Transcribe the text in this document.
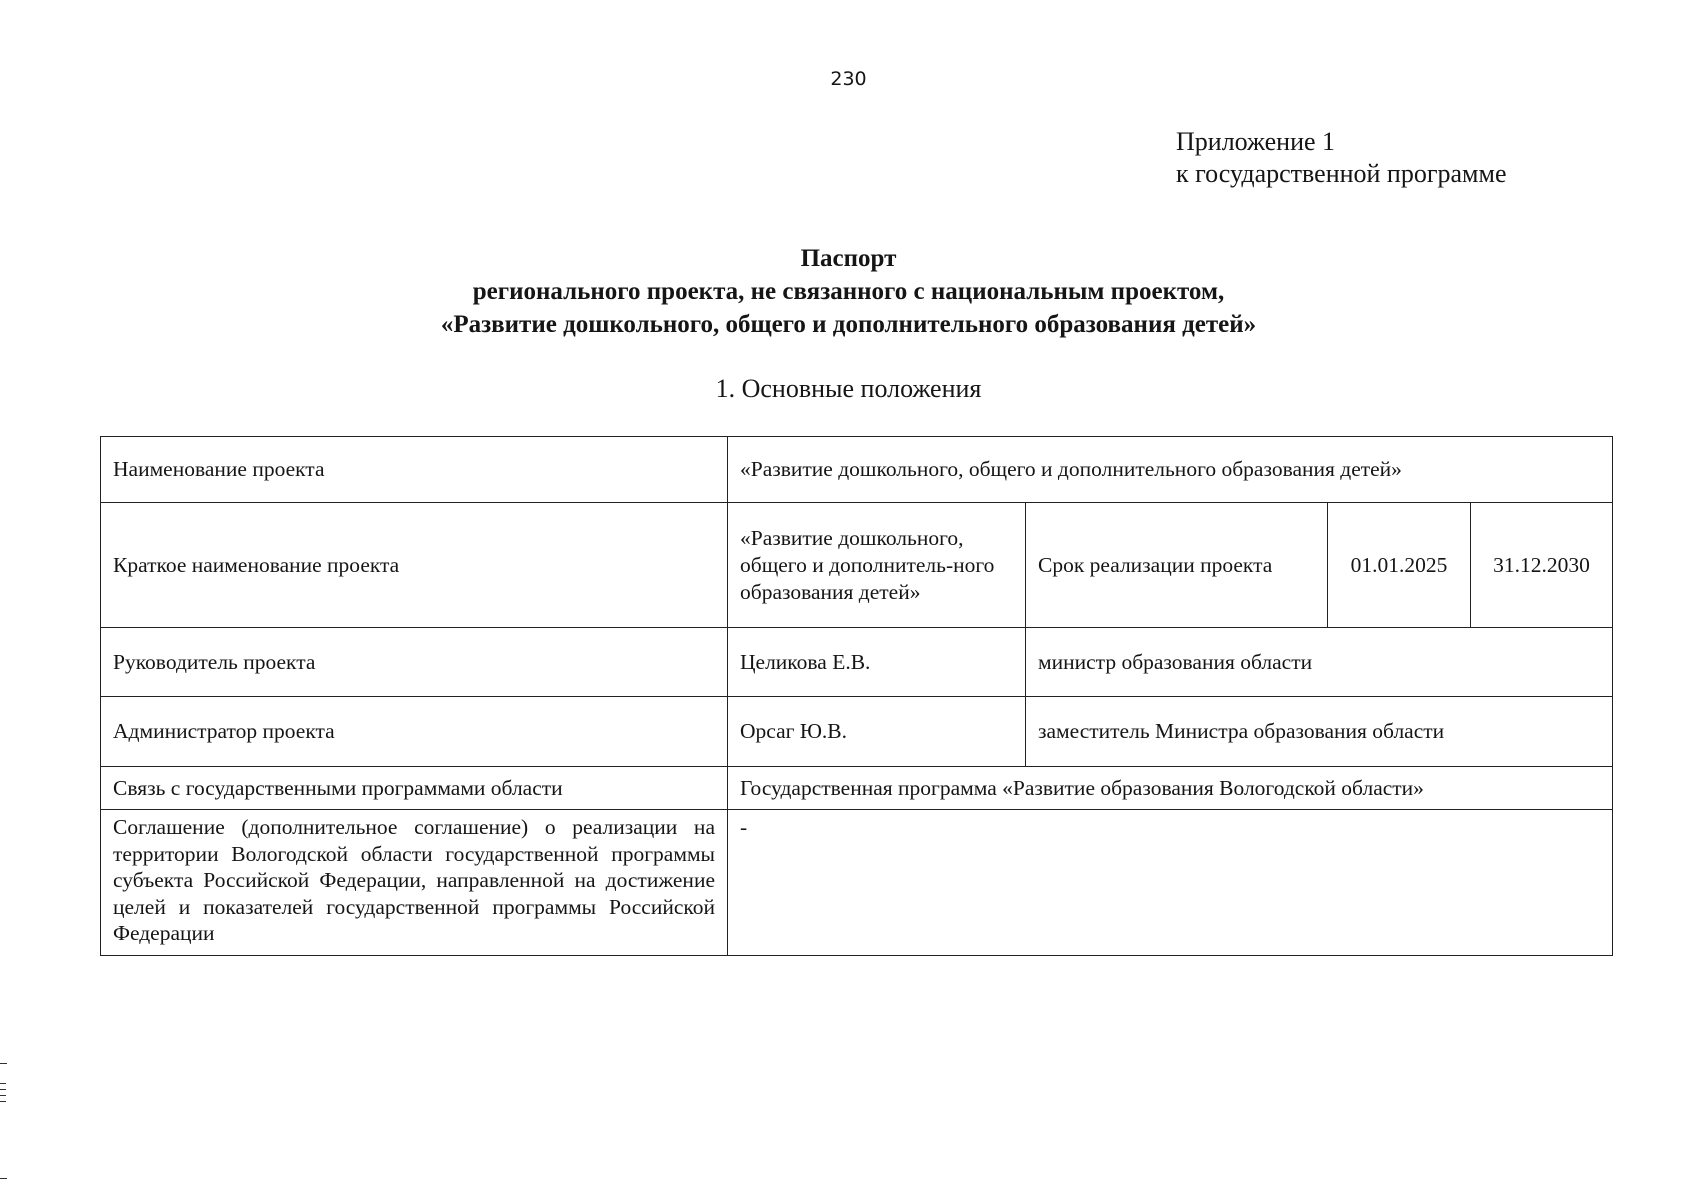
230
Приложение 1
к государственной программе
Паспорт
регионального проекта, не связанного с национальным проектом,
«Развитие дошкольного, общего и дополнительного образования детей»
1. Основные положения
Наименование проекта	«Развитие дошкольного, общего и дополнительного образования детей»			
Краткое наименование проекта	«Развитие дошкольного, общего и дополнитель-ного образования детей»	Срок реализации проекта	01.01.2025	31.12.2030
Руководитель проекта	Целикова Е.В.	министр образования области		
Администратор проекта	Орсаг Ю.В.	заместитель Министра образования области		
Связь с государственными программами области	Государственная программа «Развитие образования Вологодской области»			
Соглашение (дополнительное соглашение) о реализации на территории Вологодской области государственной программы субъекта Российской Федерации, направленной на достижение целей и показателей государственной программы Российской Федерации	-			
